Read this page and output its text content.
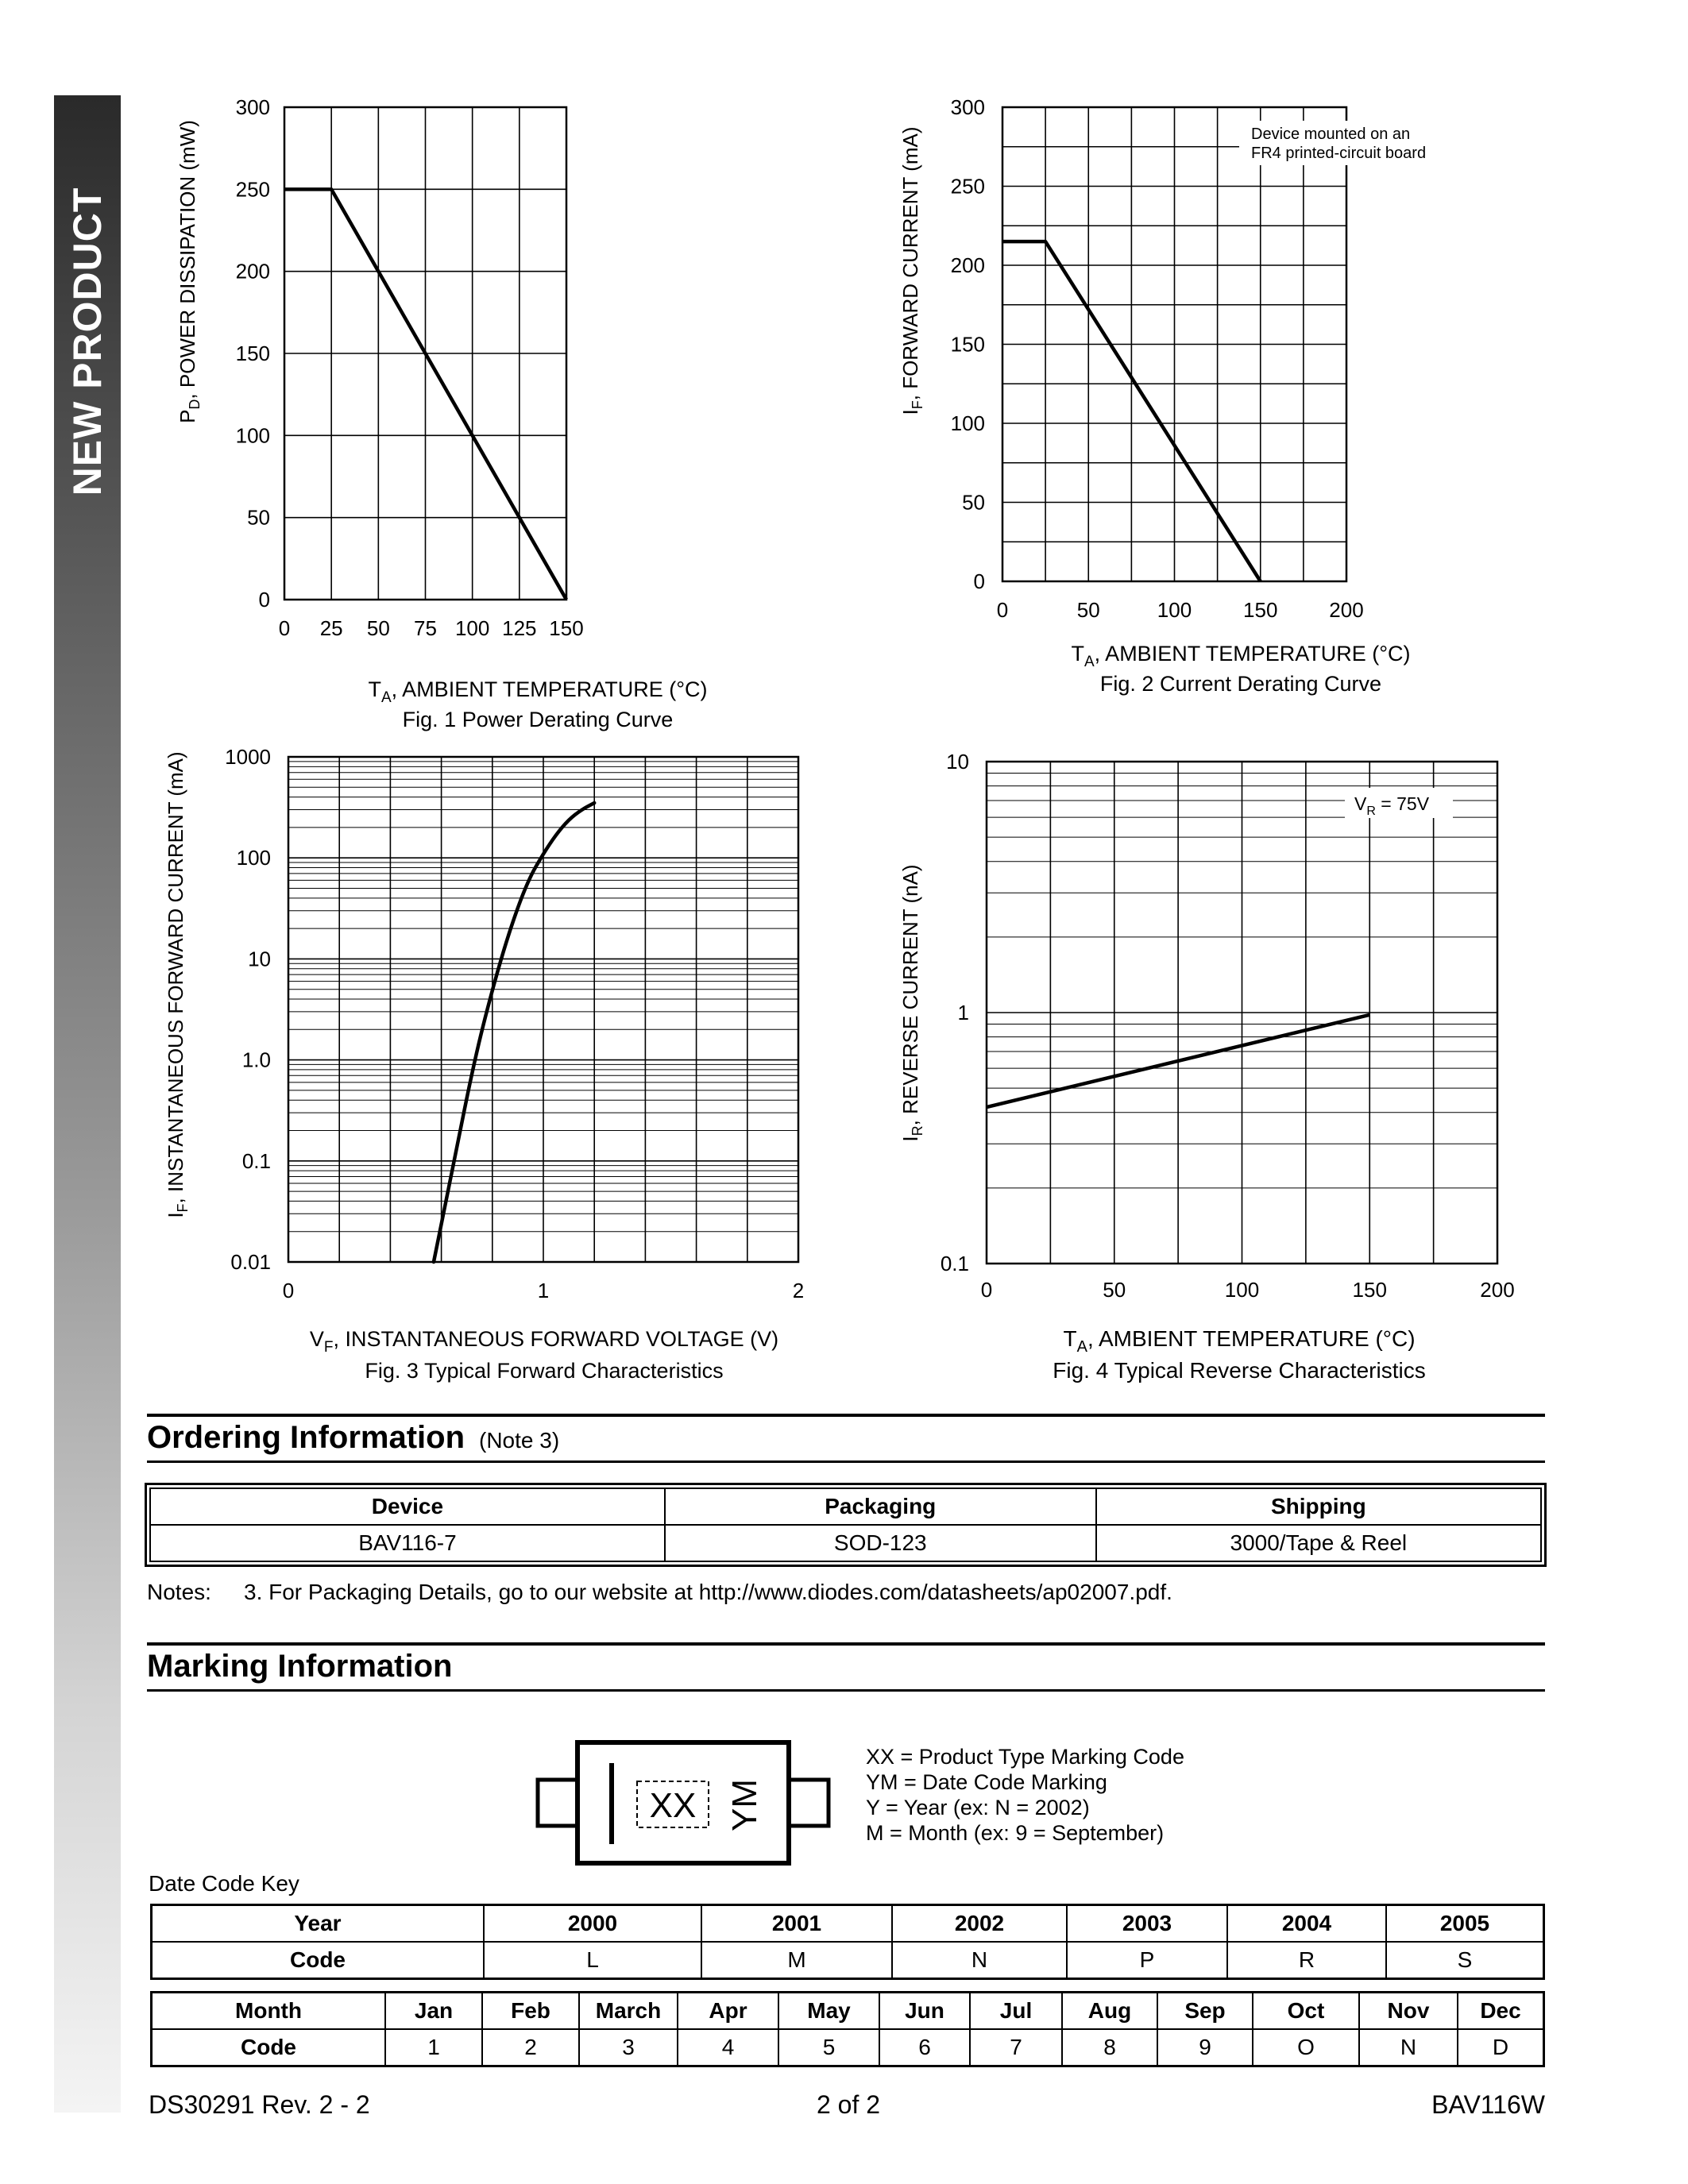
NEW PRODUCT
0 25 50 75 100 125 150
0
50
100
150
200
250
300
$P_D$, POWER DISSIPATION (mW)
$T_A$, AMBIENT TEMPERATURE (°C)
Fig. 1 Power Derating Curve
0	50	100 150 200
0
50
100
150
200
250
300
$I_F$, FORWARD CURRENT (mA)	Device mounted on an FR4 printed-circuit board
$T_A$, AMBIENT TEMPERATURE (°C)
Fig. 2 Current Derating Curve
0	1	2
0.01
0.1
1.0
10
100
1000
$I_F$, INSTANTANEOUS FORWARD CURRENT (mA)
$V_F$, INSTANTANEOUS FORWARD VOLTAGE (V)
Fig. 3 Typical Forward Characteristics
0	50	100	150	200
0.1
1
10
$I_R$, REVERSE CURRENT (nA)
$V_R = 75V$
$T_A$, AMBIENT TEMPERATURE (°C)
Fig. 4 Typical Reverse Characteristics
Ordering Information (Note 3)
Device	Packaging	Shipping
BAV116-7	SOD-123	3000/Tape & Reel
Notes: 3. For Packaging Details, go to our website at http://www.diodes.com/datasheets/ap02007.pdf.
Marking Information
XX YM
XX = Product Type Marking Code
YM = Date Code Marking
Y = Year (ex: N = 2002)
M = Month (ex: 9 = September)
Date Code Key
Year	2000	2001	2002	2003	2004	2005
Code	L	M	N	P	R	S
Month	Jan	Feb	March	Apr	May	Jun	Jul	Aug	Sep	Oct	Nov	Dec
Code	1	2	3	4	5	6	7	8	9	O	N	D
DS30291 Rev. 2 - 2	2 of 2	BAV116W
